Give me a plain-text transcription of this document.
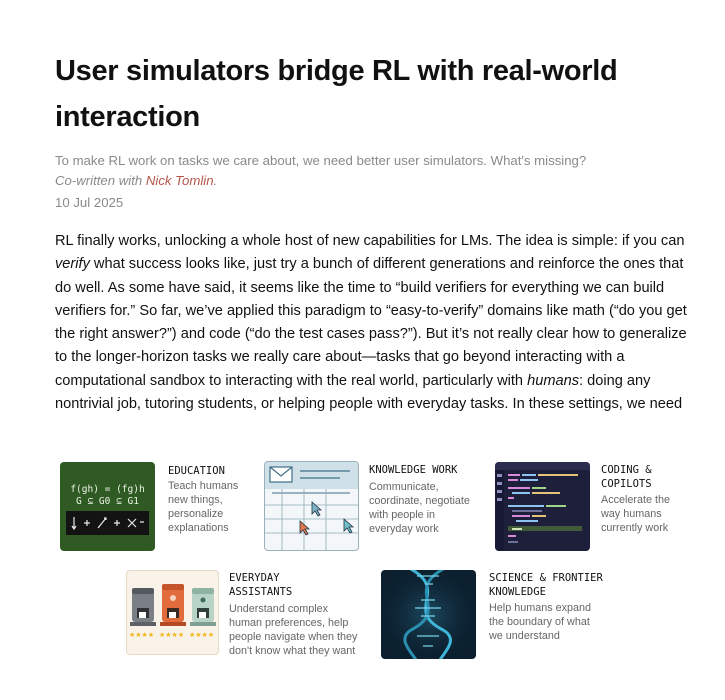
User simulators bridge RL with real-world
interaction
To make RL work on tasks we care about, we need better user simulators. What's missing?
Co-written with Nick Tomlin.
10 Jul 2025

RL finally works, unlocking a whole host of new capabilities for LMs. The idea is simple: if you can
verify what success looks like, just try a bunch of different generations and reinforce the ones that
do well. As some have said, it seems like the time to “build verifiers for everything we can build
verifiers for.” So far, we’ve applied this paradigm to “easy-to-verify” domains like math (“do you get
the right answer?”) and code (“do the test cases pass?”). But it’s not really clear how to generalize
to the longer-horizon tasks we really care about—tasks that go beyond interacting with a
computational sandbox to interacting with the real world, particularly with humans: doing any
nontrivial job, tutoring students, or helping people with everyday tasks. In these settings, we need

f(gh) = (fg)h
G ⊆ G0 ⊆ G1
EDUCATION
Teach humans
new things,
personalize
explanations
KNOWLEDGE WORK
Communicate,
coordinate, negotiate
with people in
everyday work
CODING &
COPILOTS
Accelerate the
way humans
currently work
★★★★ ★★★★ ★★★★
EVERYDAY
ASSISTANTS
Understand complex
human preferences, help
people navigate when they
don't know what they want
SCIENCE & FRONTIER
KNOWLEDGE
Help humans expand
the boundary of what
we understand
